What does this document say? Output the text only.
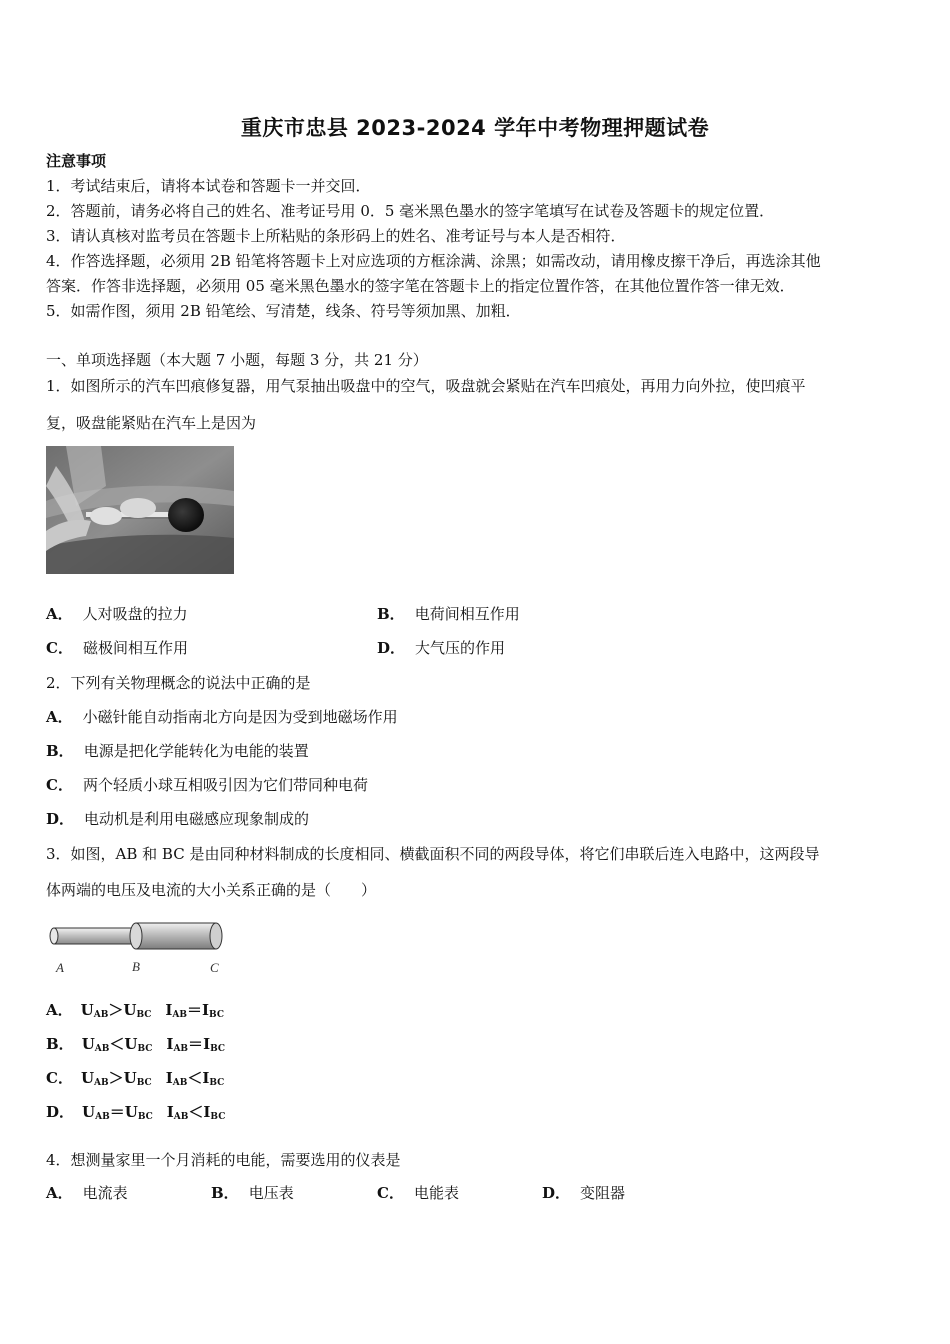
重庆市忠县 2023-2024 学年中考物理押题试卷
注意事项
1．考试结束后，请将本试卷和答题卡一并交回．
2．答题前，请务必将自己的姓名、准考证号用 0．5 毫米黑色墨水的签字笔填写在试卷及答题卡的规定位置．
3．请认真核对监考员在答题卡上所粘贴的条形码上的姓名、准考证号与本人是否相符．
4．作答选择题，必须用 2B 铅笔将答题卡上对应选项的方框涂满、涂黑；如需改动，请用橡皮擦干净后，再选涂其他
答案．作答非选择题，必须用 05 毫米黑色墨水的签字笔在答题卡上的指定位置作答，在其他位置作答一律无效．
5．如需作图，须用 2B 铅笔绘、写清楚，线条、符号等须加黑、加粗．
一、单项选择题（本大题 7 小题，每题 3 分，共 21 分）
1．如图所示的汽车凹痕修复器，用气泵抽出吸盘中的空气，吸盘就会紧贴在汽车凹痕处，再用力向外拉，使凹痕平
复，吸盘能紧贴在汽车上是因为
A． 人对吸盘的拉力	B． 电荷间相互作用
C． 磁极间相互作用	D． 大气压的作用
2．下列有关物理概念的说法中正确的是
A． 小磁针能自动指南北方向是因为受到地磁场作用
B． 电源是把化学能转化为电能的装置
C． 两个轻质小球互相吸引因为它们带同种电荷
D． 电动机是利用电磁感应现象制成的
3．如图，AB 和 BC 是由同种材料制成的长度相同、横截面积不同的两段导体，将它们串联后连入电路中，这两段导
体两端的电压及电流的大小关系正确的是（　　）
A	B	C
A． $U_{AB}>U_{BC}$ $I_{AB}=I_{BC}$
B． $U_{AB}<U_{BC}$ $I_{AB}=I_{BC}$
C． $U_{AB}>U_{BC}$ $I_{AB}<I_{BC}$
D． $U_{AB}=U_{BC}$ $I_{AB}<I_{BC}$
4．想测量家里一个月消耗的电能，需要选用的仪表是
A． 电流表	B． 电压表	C． 电能表	D． 变阻器
